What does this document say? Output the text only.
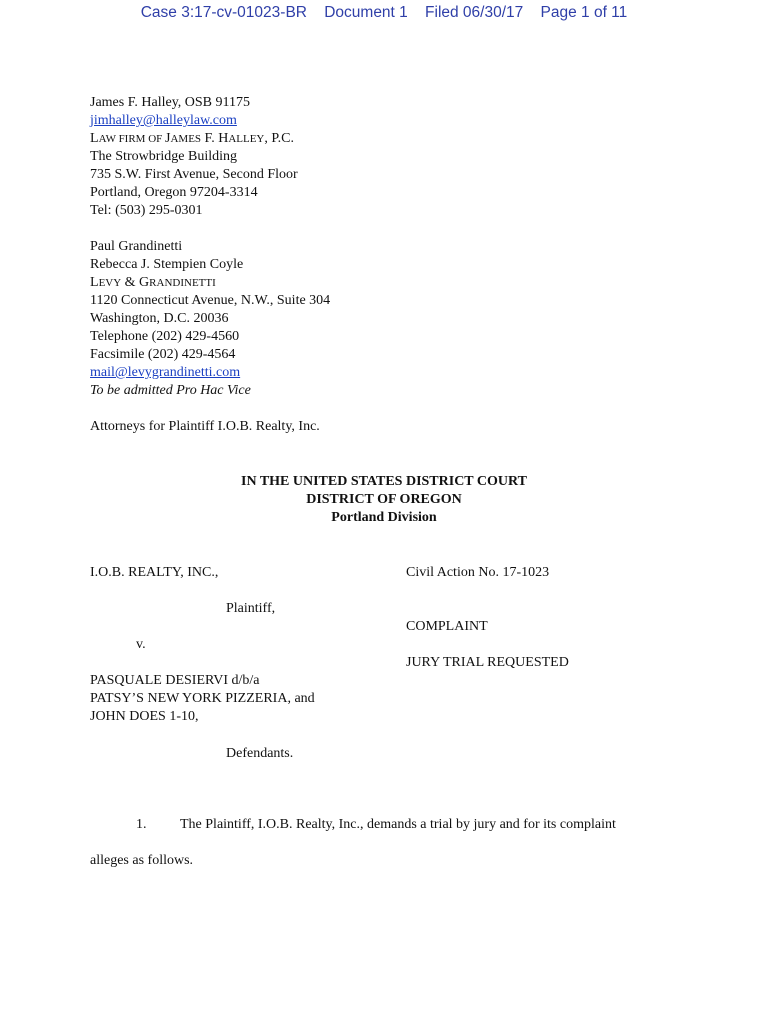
Case 3:17-cv-01023-BR Document 1 Filed 06/30/17 Page 1 of 11
James F. Halley, OSB 91175
jimhalley@halleylaw.com
LAW FIRM OF JAMES F. HALLEY, P.C.
The Strowbridge Building
735 S.W. First Avenue, Second Floor
Portland, Oregon 97204-3314
Tel: (503) 295-0301
Paul Grandinetti
Rebecca J. Stempien Coyle
LEVY & GRANDINETTI
1120 Connecticut Avenue, N.W., Suite 304
Washington, D.C. 20036
Telephone (202) 429-4560
Facsimile (202) 429-4564
mail@levygrandinetti.com
To be admitted Pro Hac Vice
Attorneys for Plaintiff I.O.B. Realty, Inc.
IN THE UNITED STATES DISTRICT COURT
DISTRICT OF OREGON
Portland Division
I.O.B. REALTY, INC.,
Plaintiff,
v.
PASQUALE DESIERVI d/b/a
PATSY’S NEW YORK PIZZERIA, and
JOHN DOES 1-10,
Defendants.
Civil Action No. 17-1023
COMPLAINT
JURY TRIAL REQUESTED
1. The Plaintiff, I.O.B. Realty, Inc., demands a trial by jury and for its complaint
alleges as follows.
